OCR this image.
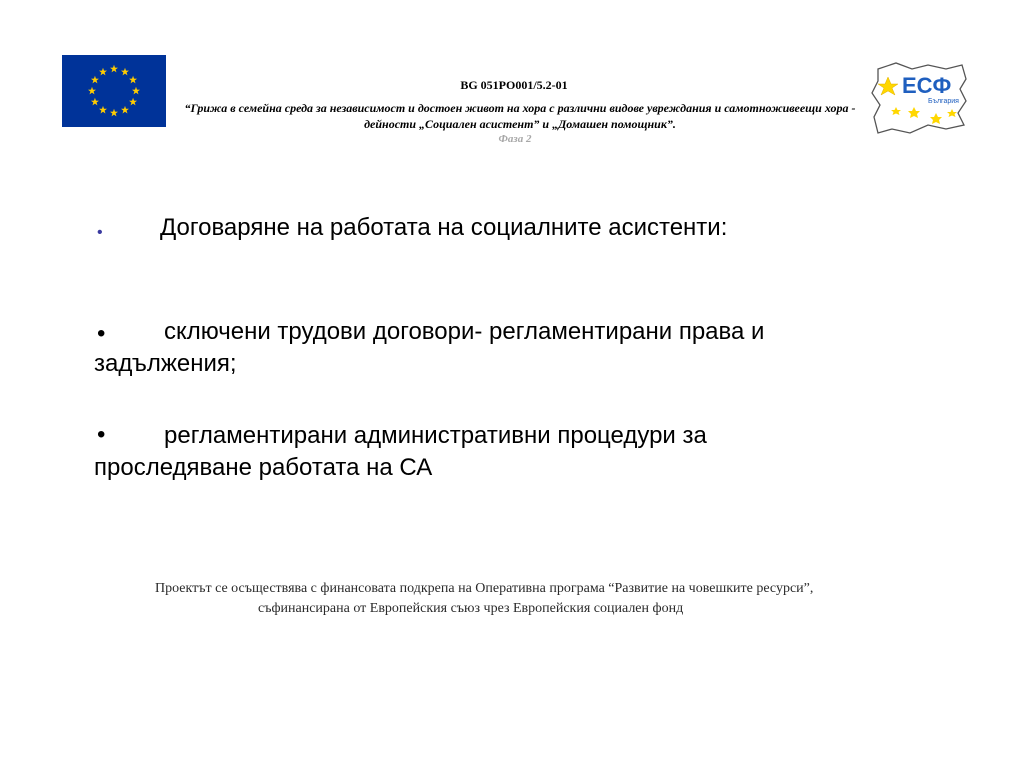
BG 051PO001/5.2-01
“Грижа в семейна среда за независимост и достоен живот на хора с различни видове увреждания и самотноживеещи хора - дейности „Социален асистент” и „Домашен помощник”.
Фаза 2
ЕСФ
България
• Договаряне на работата на социалните асистенти:
• сключени трудови договори- регламентирани права и
задължения;
• регламентирани административни процедури за
проследяване работата на СА
Проектът се осъществява с финансовата подкрепа на Оперативна програма “Развитие на човешките ресурси”,
съфинансирана от Европейския съюз чрез Европейския социален фонд
